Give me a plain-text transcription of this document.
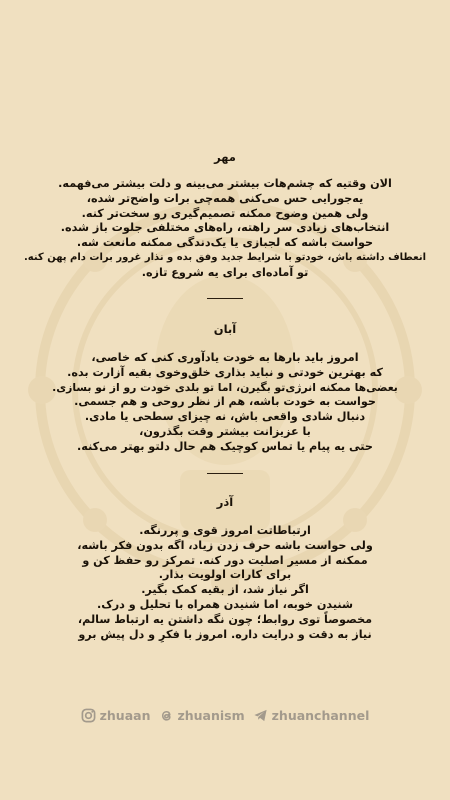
مهر
الان وقتیه که چشم‌هات بیشتر می‌بینه و دلت بیشتر می‌فهمه.
یه‌جورایی حس می‌کنی همه‌چی برات واضح‌تر شده،
ولی همین وضوح ممکنه تصمیم‌گیری رو سخت‌تر کنه.
انتخاب‌های زیادی سر راهته، راه‌های مختلفی جلوت باز شده.
حواست باشه که لجبازی یا یک‌دندگی ممکنه مانعت شه.
انعطاف داشته باش، خودتو با شرایط جدید وفق بده و نذار غرور برات دام پهن کنه.
تو آماده‌ای برای یه شروع تازه.
آبان
امروز باید بارها به خودت یادآوری کنی که خاصی،
که بهترین خودتی و نباید بذاری خلق‌وخوی بقیه آزارت بده.
بعضی‌ها ممکنه انرژی‌تو بگیرن، اما تو بلدی خودت رو از نو بسازی.
حواست به خودت باشه، هم از نظر روحی و هم جسمی.
دنبال شادی واقعی باش، نه چیزای سطحی یا مادی.
با عزیزانت بیشتر وقت بگذرون،
حتی یه پیام یا تماس کوچیک هم حال دلتو بهتر می‌کنه.
آذر
ارتباطاتت امروز قوی و پررنگه.
ولی حواست باشه حرف زدن زیاد، اگه بدون فکر باشه،
ممکنه از مسیر اصلیت دور کنه. تمرکز رو حفظ کن و
برای کارات اولویت بذار.
اگر نیاز شد، از بقیه کمک بگیر.
شنیدن خوبه، اما شنیدن همراه با تحلیل و درک.
مخصوصاً توی روابط؛ چون نگه داشتن یه ارتباط سالم،
نیاز به دقت و درایت داره. امروز با فکرِ و دل پیش برو
zhuaan zhuanism zhuanchannel
